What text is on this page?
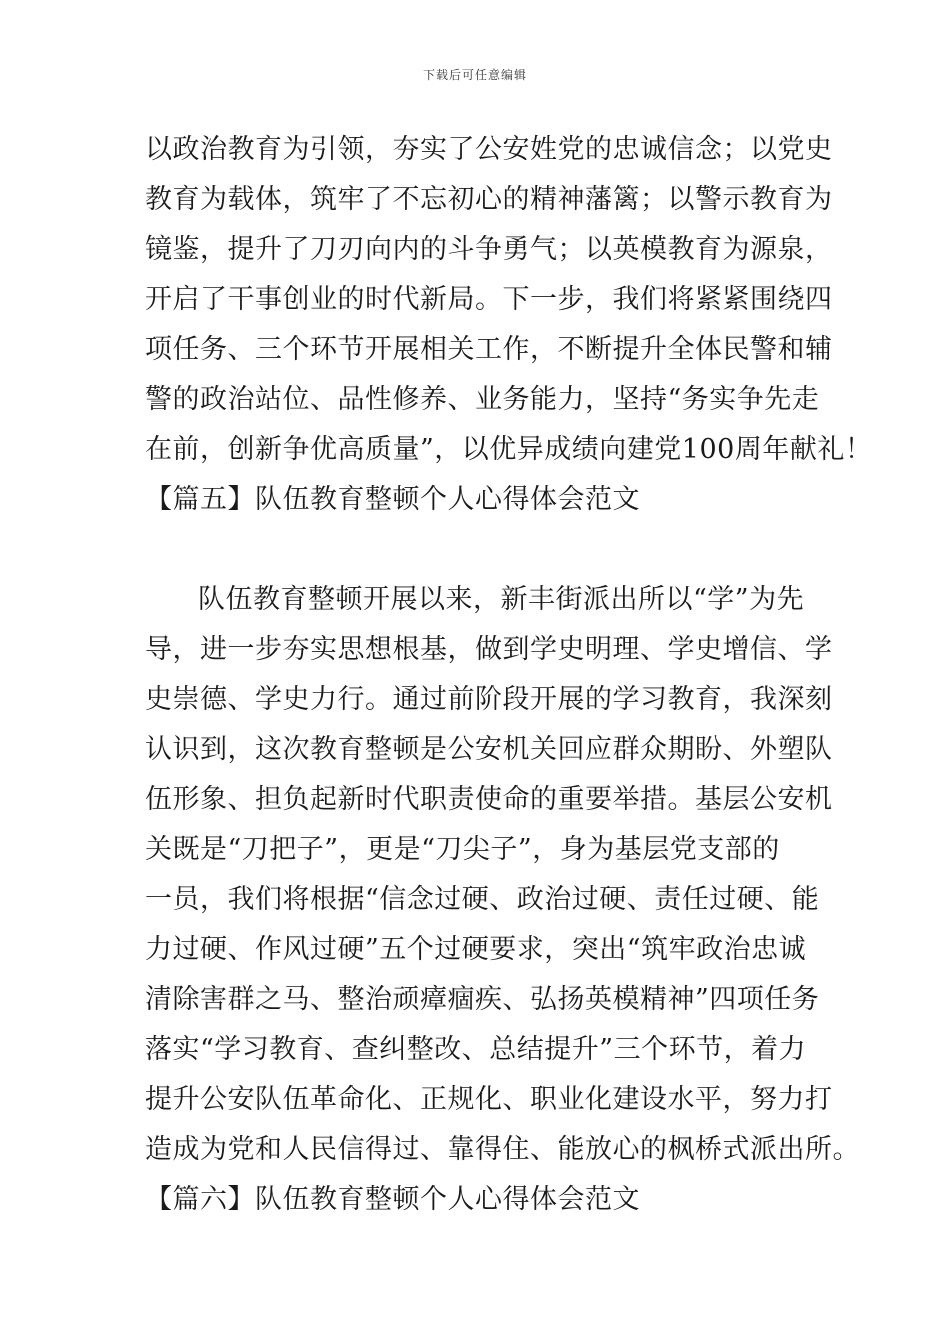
下载后可任意编辑
以政治教育为引领，夯实了公安姓党的忠诚信念；以党史
教育为载体，筑牢了不忘初心的精神藩篱；以警示教育为
镜鉴，提升了刀刃向内的斗争勇气；以英模教育为源泉，
开启了干事创业的时代新局。下一步，我们将紧紧围绕四
项任务、三个环节开展相关工作，不断提升全体民警和辅
警的政治站位、品性修养、业务能力，坚持“务实争先走
在前，创新争优高质量”，以优异成绩向建党100周年献礼！
【篇五】队伍教育整顿个人心得体会范文
队伍教育整顿开展以来，新丰街派出所以“学”为先
导，进一步夯实思想根基，做到学史明理、学史增信、学
史崇德、学史力行。通过前阶段开展的学习教育，我深刻
认识到，这次教育整顿是公安机关回应群众期盼、外塑队
伍形象、担负起新时代职责使命的重要举措。基层公安机
关既是“刀把子”，更是“刀尖子”，身为基层党支部的
一员，我们将根据“信念过硬、政治过硬、责任过硬、能
力过硬、作风过硬”五个过硬要求，突出“筑牢政治忠诚
清除害群之马、整治顽瘴痼疾、弘扬英模精神”四项任务
落实“学习教育、查纠整改、总结提升”三个环节，着力
提升公安队伍革命化、正规化、职业化建设水平，努力打
造成为党和人民信得过、靠得住、能放心的枫桥式派出所。
【篇六】队伍教育整顿个人心得体会范文
